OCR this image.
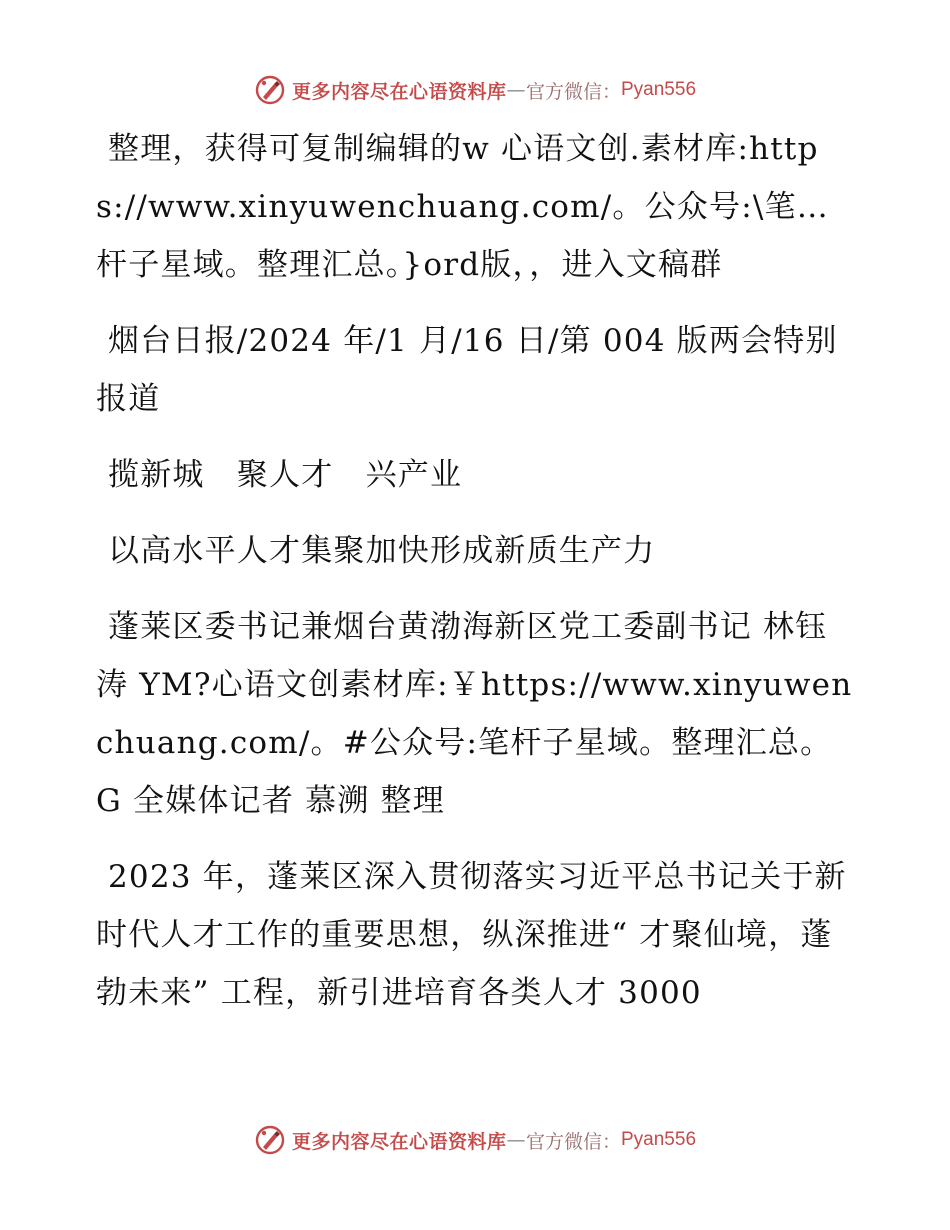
更多内容尽在心语资料库 — 官方微信： Pyan556

整理，获得可复制编辑的w 心语文创.素材库:https://www.xinyuwenchuang.com/。公众号:\笔…杆子星域。整理汇总。}ord版，，进入文稿群

烟台日报/2024 年/1 月/16 日/第 004 版两会特别报道

揽新城　聚人才　兴产业

以高水平人才集聚加快形成新质生产力

蓬莱区委书记兼烟台黄渤海新区党工委副书记 林钰涛 YM?心语文创素材库:￥https://www.xinyuwenchuang.com/。#公众号:笔杆子星域。整理汇总。G 全媒体记者 慕溯 整理

2023 年，蓬莱区深入贯彻落实习近平总书记关于新时代人才工作的重要思想，纵深推进“ 才聚仙境，蓬勃未来” 工程，新引进培育各类人才 3000

更多内容尽在心语资料库 — 官方微信： Pyan556
